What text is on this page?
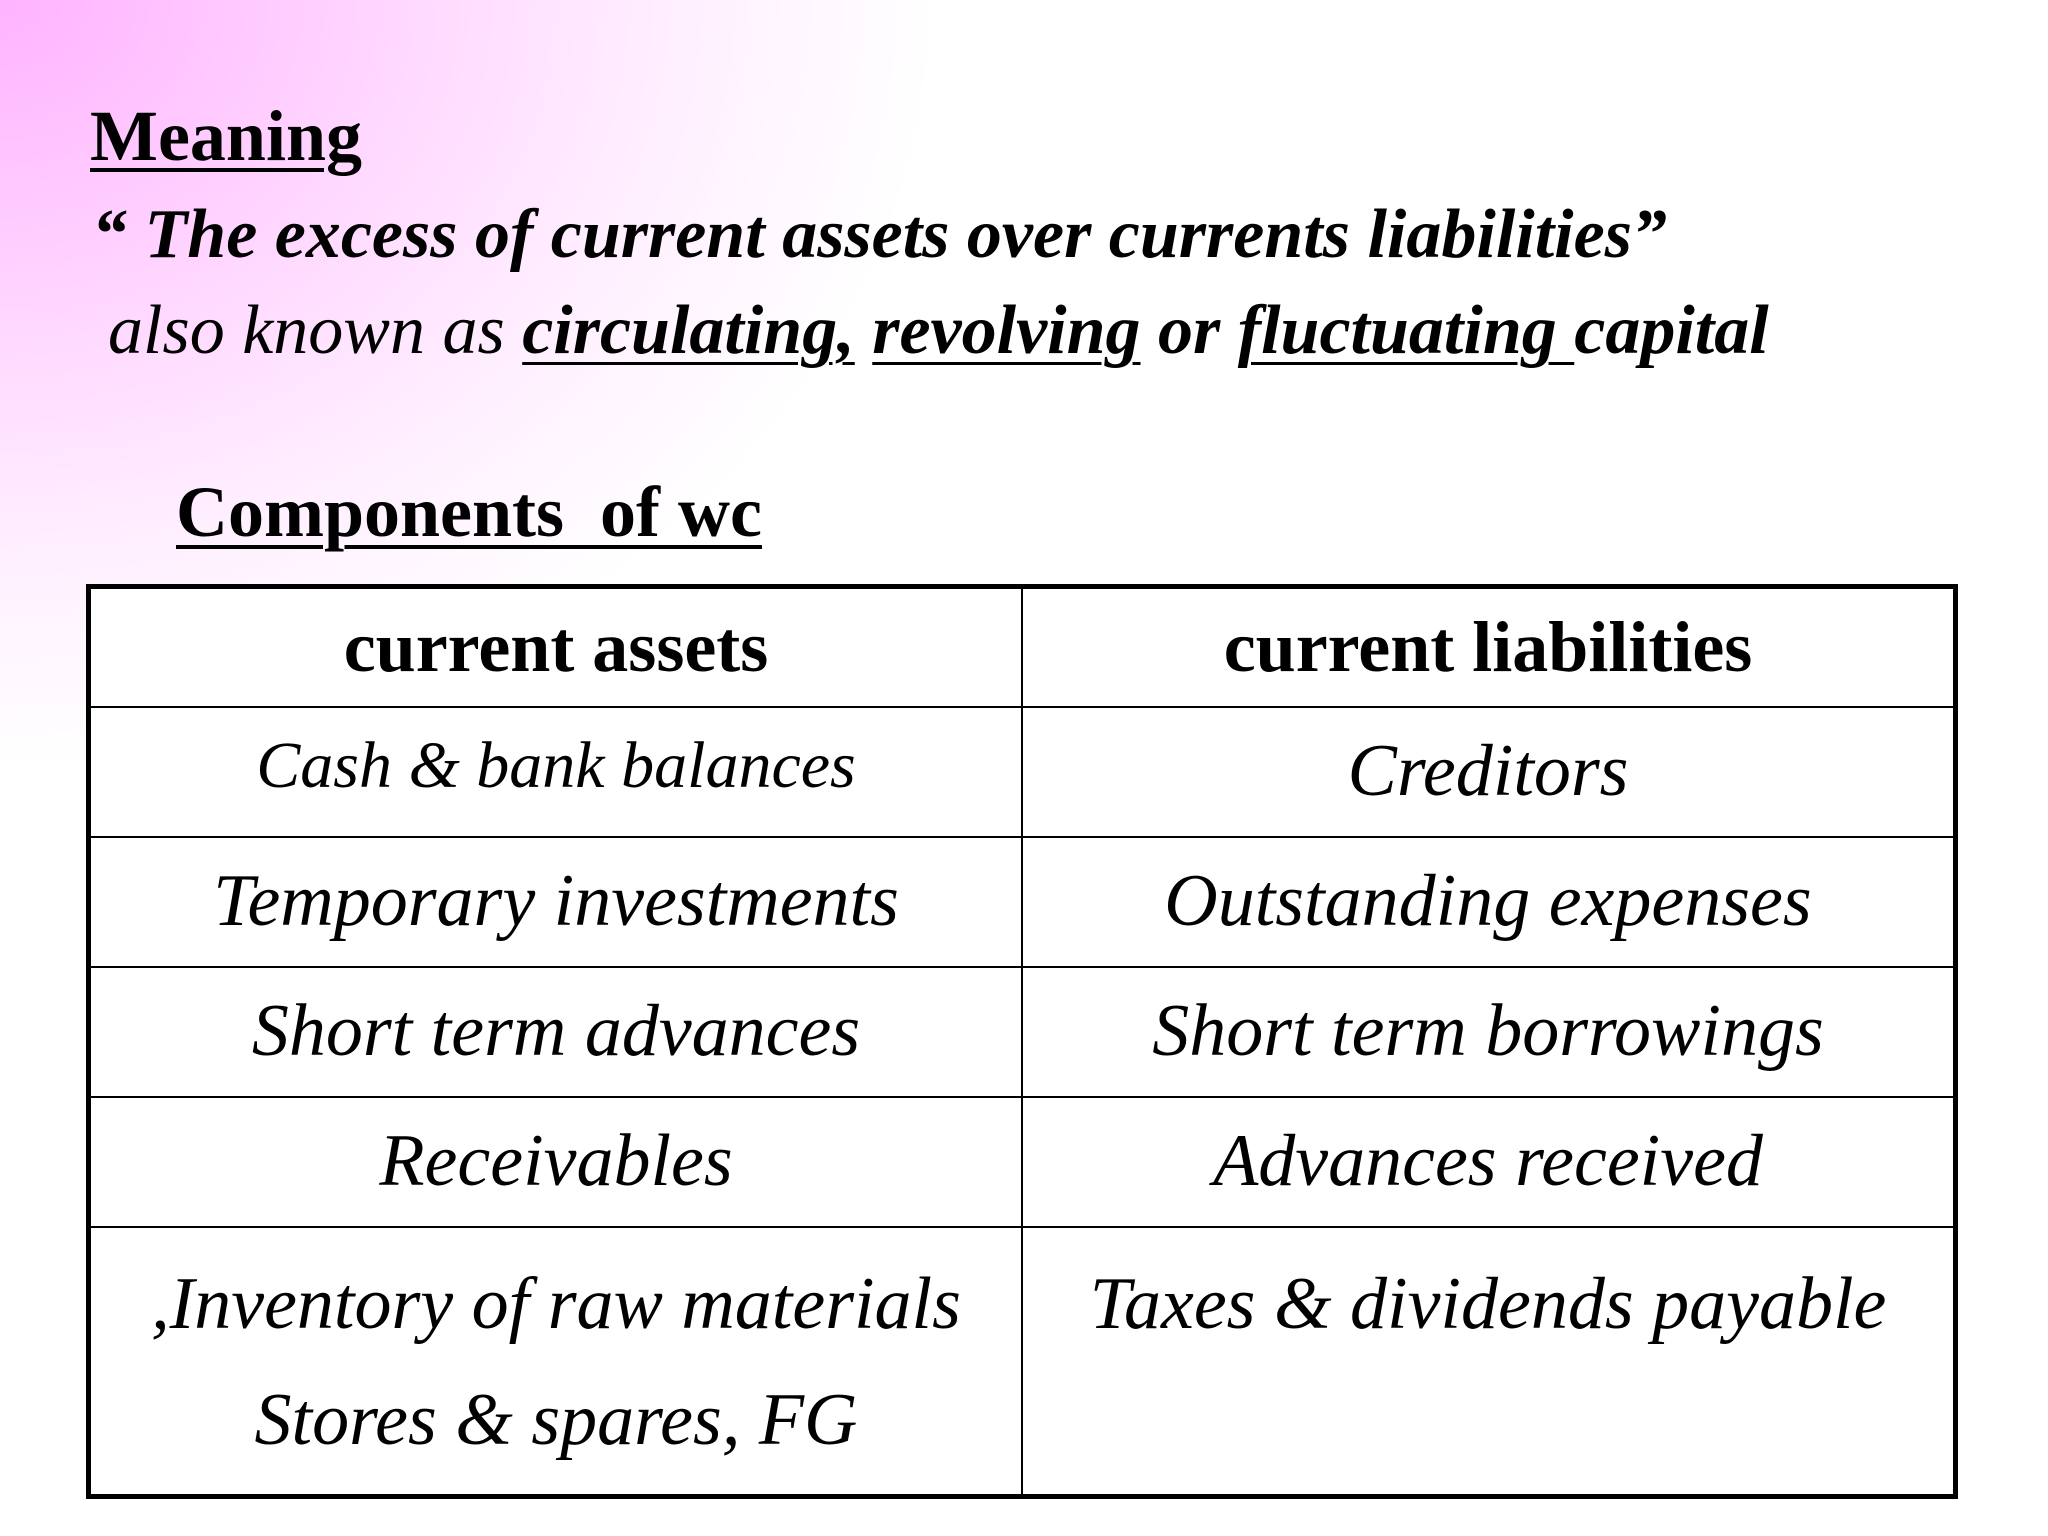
Meaning

“ The excess of current assets over currents liabilities”

also known as circulating, revolving or fluctuating capital

Components  of wc
current assets	current liabilities
Cash & bank balances	Creditors
Temporary investments	Outstanding expenses
Short term advances	Short term borrowings
Receivables	Advances received

,Inventory of raw materials
Stores & spares, FG	Taxes & dividends payable
